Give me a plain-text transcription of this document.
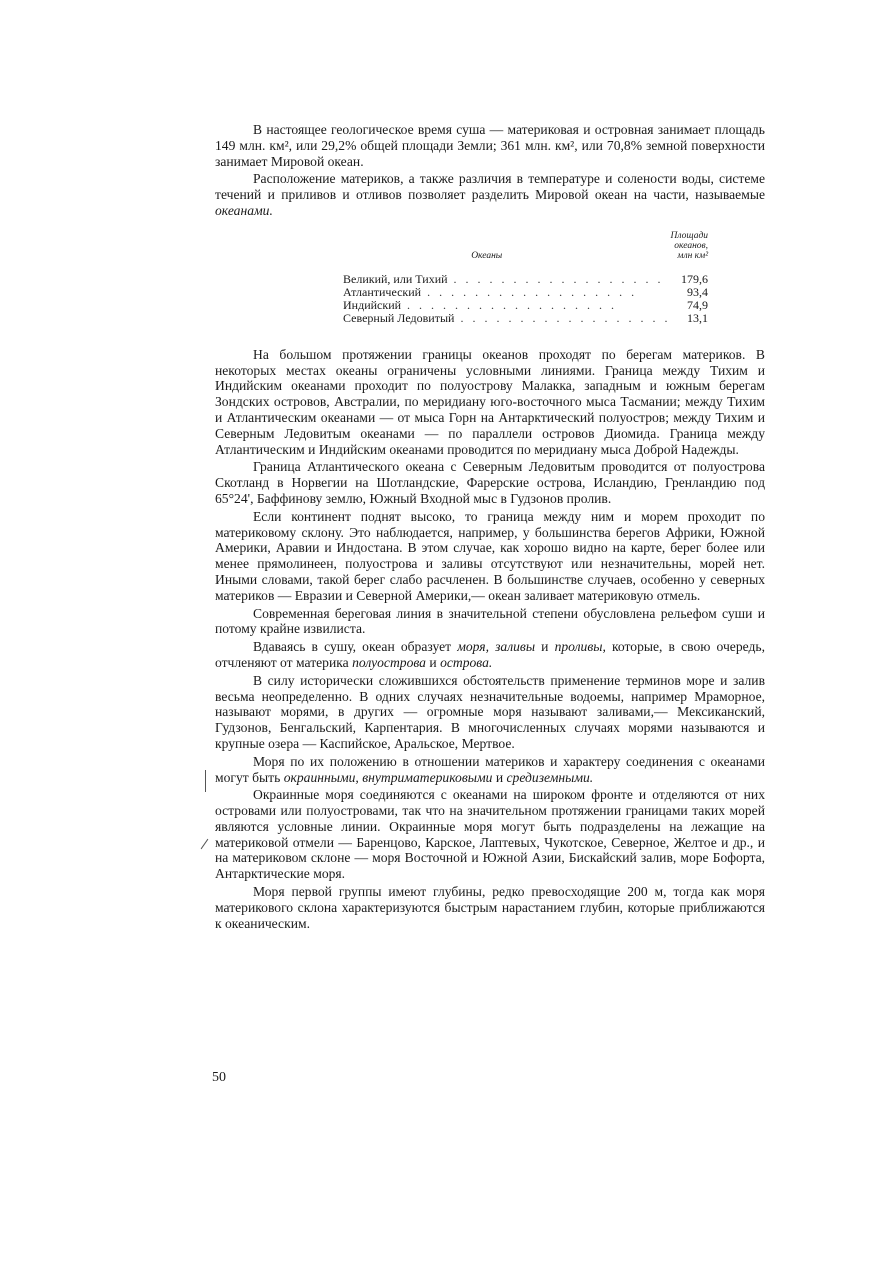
В настоящее геологическое время суша — материковая и островная занимает площадь 149 млн. км², или 29,2% общей площади Земли; 361 млн. км², или 70,8% земной поверхности занимает Мировой океан.

Расположение материков, а также различия в температуре и солености воды, системе течений и приливов и отливов позволяет разделить Мировой океан на части, называемые океанами.

Океаны	Площади океанов, млн км²
Великий, или Тихий . . . . . . . . . . . . . . . . . .	179,6
Атлантический . . . . . . . . . . . . . . . . . .	93,4
Индийский . . . . . . . . . . . . . . . . . .	74,9
Северный Ледовитый . . . . . . . . . . . . . . . . . .	13,1

На большом протяжении границы океанов проходят по берегам материков. В некоторых местах океаны ограничены условными линиями. Граница между Тихим и Индийским океанами проходит по полуострову Малакка, западным и южным берегам Зондских островов, Австралии, по меридиану юго-восточного мыса Тасмании; между Тихим и Атлантическим океанами — от мыса Горн на Антарктический полуостров; между Тихим и Северным Ледовитым океанами — по параллели островов Диомида. Граница между Атлантическим и Индийским океанами проводится по меридиану мыса Доброй Надежды.

Граница Атлантического океана с Северным Ледовитым проводится от полуострова Скотланд в Норвегии на Шотландские, Фарерские острова, Исландию, Гренландию под 65°24', Баффинову землю, Южный Входной мыс в Гудзонов пролив.

Если континент поднят высоко, то граница между ним и морем проходит по материковому склону. Это наблюдается, например, у большинства берегов Африки, Южной Америки, Аравии и Индостана. В этом случае, как хорошо видно на карте, берег более или менее прямолинеен, полуострова и заливы отсутствуют или незначительны, морей нет. Иными словами, такой берег слабо расчленен. В большинстве случаев, особенно у северных материков — Евразии и Северной Америки,— океан заливает материковую отмель.

Современная береговая линия в значительной степени обусловлена рельефом суши и потому крайне извилиста.

Вдаваясь в сушу, океан образует моря, заливы и проливы, которые, в свою очередь, отчленяют от материка полуострова и острова.

В силу исторически сложившихся обстоятельств применение терминов море и залив весьма неопределенно. В одних случаях незначительные водоемы, например Мраморное, называют морями, в других — огромные моря называют заливами,— Мексиканский, Гудзонов, Бенгальский, Карпентария. В многочисленных случаях морями называются и крупные озера — Каспийское, Аральское, Мертвое.

Моря по их положению в отношении материков и характеру соединения с океанами могут быть окраинными, внутриматериковыми и средиземными.

Окраинные моря соединяются с океанами на широком фронте и отделяются от них островами или полуостровами, так что на значительном протяжении границами таких морей являются условные линии. Окраинные моря могут быть подразделены на лежащие на материковой отмели — Баренцово, Карское, Лаптевых, Чукотское, Северное, Желтое и др., и на материковом склоне — моря Восточной и Южной Азии, Бискайский залив, море Бофорта, Антарктические моря.

Моря первой группы имеют глубины, редко превосходящие 200 м, тогда как моря материкового склона характеризуются быстрым нарастанием глубин, которые приближаются к океаническим.

50
